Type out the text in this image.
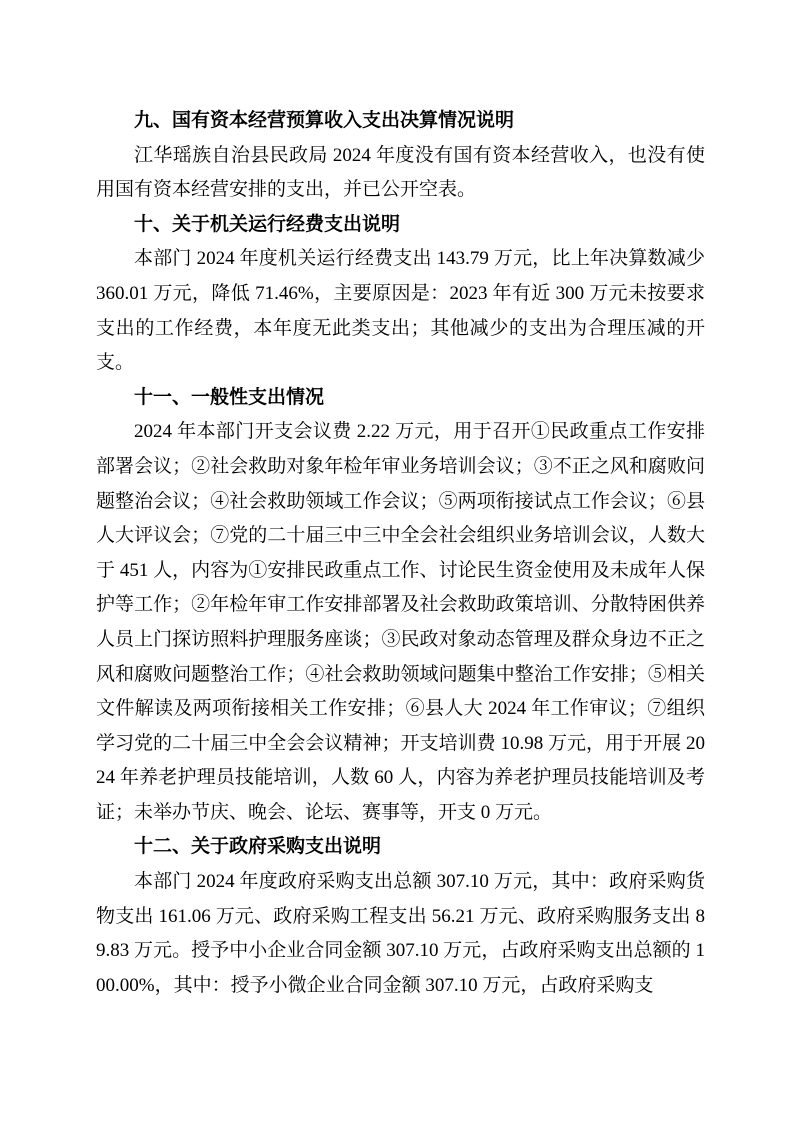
九、国有资本经营预算收入支出决算情况说明
江华瑶族自治县民政局 2024 年度没有国有资本经营收入，也没有使用国有资本经营安排的支出，并已公开空表。
十、关于机关运行经费支出说明
本部门 2024 年度机关运行经费支出 143.79 万元，比上年决算数减少 360.01 万元，降低 71.46%，主要原因是：2023 年有近 300 万元未按要求支出的工作经费，本年度无此类支出；其他减少的支出为合理压减的开支。
十一、一般性支出情况
2024 年本部门开支会议费 2.22 万元，用于召开①民政重点工作安排部署会议；②社会救助对象年检年审业务培训会议；③不正之风和腐败问题整治会议；④社会救助领域工作会议；⑤两项衔接试点工作会议；⑥县人大评议会；⑦党的二十届三中三中全会社会组织业务培训会议，人数大于 451 人，内容为①安排民政重点工作、讨论民生资金使用及未成年人保护等工作；②年检年审工作安排部署及社会救助政策培训、分散特困供养人员上门探访照料护理服务座谈；③民政对象动态管理及群众身边不正之风和腐败问题整治工作；④社会救助领域问题集中整治工作安排；⑤相关文件解读及两项衔接相关工作安排；⑥县人大 2024 年工作审议；⑦组织学习党的二十届三中全会会议精神；开支培训费 10.98 万元，用于开展 2024 年养老护理员技能培训，人数 60 人，内容为养老护理员技能培训及考证；未举办节庆、晚会、论坛、赛事等，开支 0 万元。
十二、关于政府采购支出说明
本部门 2024 年度政府采购支出总额 307.10 万元，其中：政府采购货物支出 161.06 万元、政府采购工程支出 56.21 万元、政府采购服务支出 89.83 万元。授予中小企业合同金额 307.10 万元，占政府采购支出总额的 100.00%，其中：授予小微企业合同金额 307.10 万元，占政府采购支
